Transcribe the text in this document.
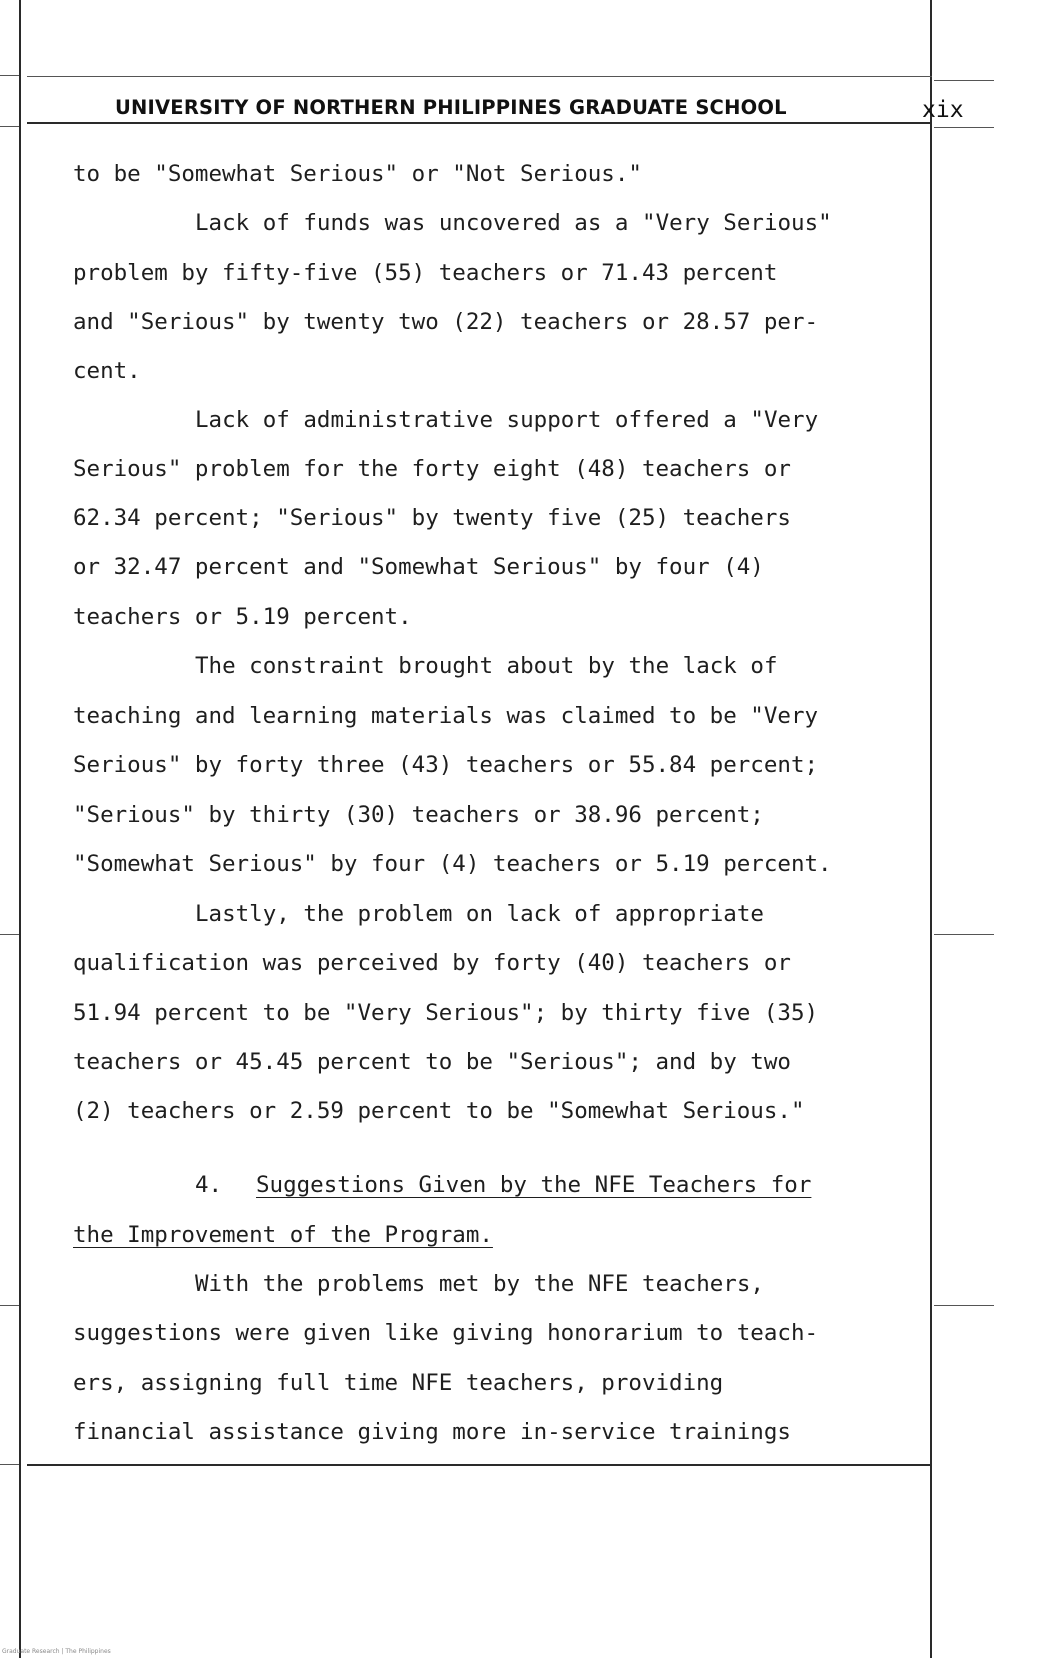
UNIVERSITY OF NORTHERN PHILIPPINES GRADUATE SCHOOL	xix
to be "Somewhat Serious" or "Not Serious."
Lack of funds was uncovered as a "Very Serious"
problem by fifty-five (55) teachers or 71.43 percent
and "Serious" by twenty two (22) teachers or 28.57 per-
cent.
Lack of administrative support offered a "Very
Serious" problem for the forty eight (48) teachers or
62.34 percent; "Serious" by twenty five (25) teachers
or 32.47 percent and "Somewhat Serious" by four (4)
teachers or 5.19 percent.
The constraint brought about by the lack of
teaching and learning materials was claimed to be "Very
Serious" by forty three (43) teachers or 55.84 percent;
"Serious" by thirty (30) teachers or 38.96 percent;
"Somewhat Serious" by four (4) teachers or 5.19 percent.
Lastly, the problem on lack of appropriate
qualification was perceived by forty (40) teachers or
51.94 percent to be "Very Serious"; by thirty five (35)
teachers or 45.45 percent to be "Serious"; and by two
(2) teachers or 2.59 percent to be "Somewhat Serious."
4. Suggestions Given by the NFE Teachers for
the Improvement of the Program.
With the problems met by the NFE teachers,
suggestions were given like giving honorarium to teach-
ers, assigning full time NFE teachers, providing
financial assistance giving more in-service trainings
Graduate Research | The Philippines
